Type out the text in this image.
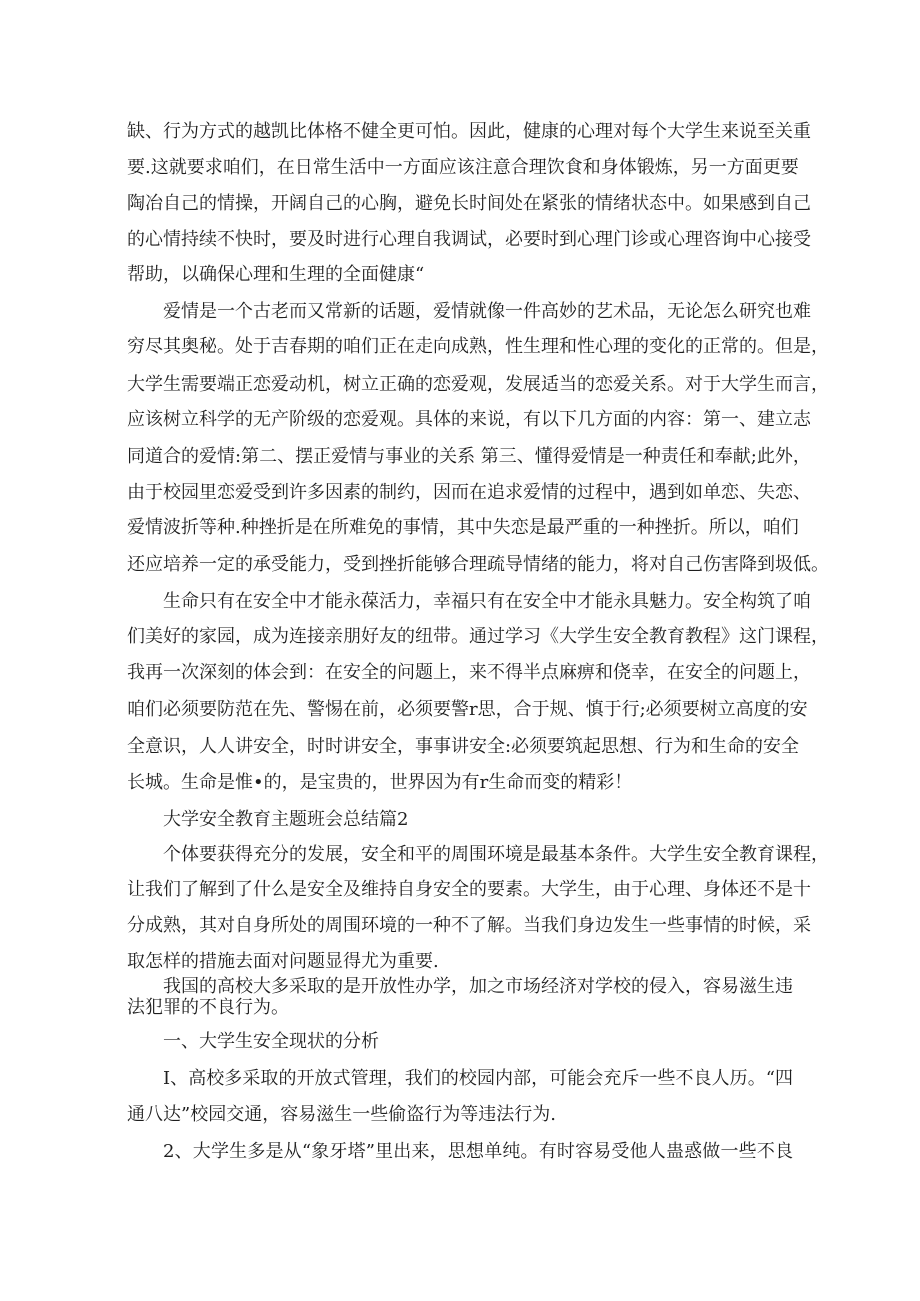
缺、行为方式的越凯比体格不健全更可怕。因此，健康的心理对每个大学生来说至关重
要.这就要求咱们，在日常生活中一方面应该注意合理饮食和身体锻炼，另一方面更要
陶冶自己的情操，开阔自己的心胸，避免长时间处在紧张的情绪状态中。如果感到自己
的心情持续不快时，要及时进行心理自我调试，必要时到心理门诊或心理咨询中心接受
帮助，以确保心理和生理的全面健康“
爱情是一个古老而又常新的话题，爱情就像一件高妙的艺术品，无论怎么研究也难
穷尽其奥秘。处于吉春期的咱们正在走向成熟，性生理和性心理的变化的正常的。但是，
大学生需要端正恋爱动机，树立正确的恋爱观，发展适当的恋爱关系。对于大学生而言，
应该树立科学的无产阶级的恋爱观。具体的来说，有以下几方面的内容：第一、建立志
同道合的爱情:第二、摆正爱情与事业的关系 第三、懂得爱情是一种责任和奉献;此外，
由于校园里恋爱受到许多因素的制约，因而在追求爱情的过程中，遇到如单恋、失恋、
爱情波折等种.种挫折是在所难免的事情，其中失恋是最严重的一种挫折。所以，咱们
还应培养一定的承受能力，受到挫折能够合理疏导情绪的能力，将对自己伤害降到圾低。
生命只有在安全中才能永葆活力，幸福只有在安全中才能永具魅力。安全构筑了咱
们美好的家园，成为连接亲朋好友的纽带。通过学习《大学生安全教育教程》这门课程，
我再一次深刻的体会到：在安全的问题上，来不得半点麻痹和侥幸，在安全的问题上，
咱们必须要防范在先、警惕在前，必须要警r思，合于规、慎于行;必须要树立高度的安
全意识，人人讲安全，时时讲安全，事事讲安全:必须要筑起思想、行为和生命的安全
长城。生命是惟•的，是宝贵的，世界因为有r生命而变的精彩！
大学安全教育主题班会总结篇2
个体要获得充分的发展，安全和平的周围环境是最基本条件。大学生安全教育课程，
让我们了解到了什么是安全及维持自身安全的要素。大学生，由于心理、身体还不是十
分成熟，其对自身所处的周围环境的一种不了解。当我们身边发生一些事情的时候，采
取怎样的措施去面对问题显得尤为重要.
我国的高校大多采取的是开放性办学，加之市场经济对学校的侵入，容易滋生违
法犯罪的不良行为。
一、大学生安全现状的分析
I、高校多采取的开放式管理，我们的校园内部，可能会充斥一些不良人历。“四
通八达”校园交通，容易滋生一些偷盗行为等违法行为.
2、大学生多是从“象牙塔”里出来，思想单纯。有时容易受他人蛊惑做一些不良
